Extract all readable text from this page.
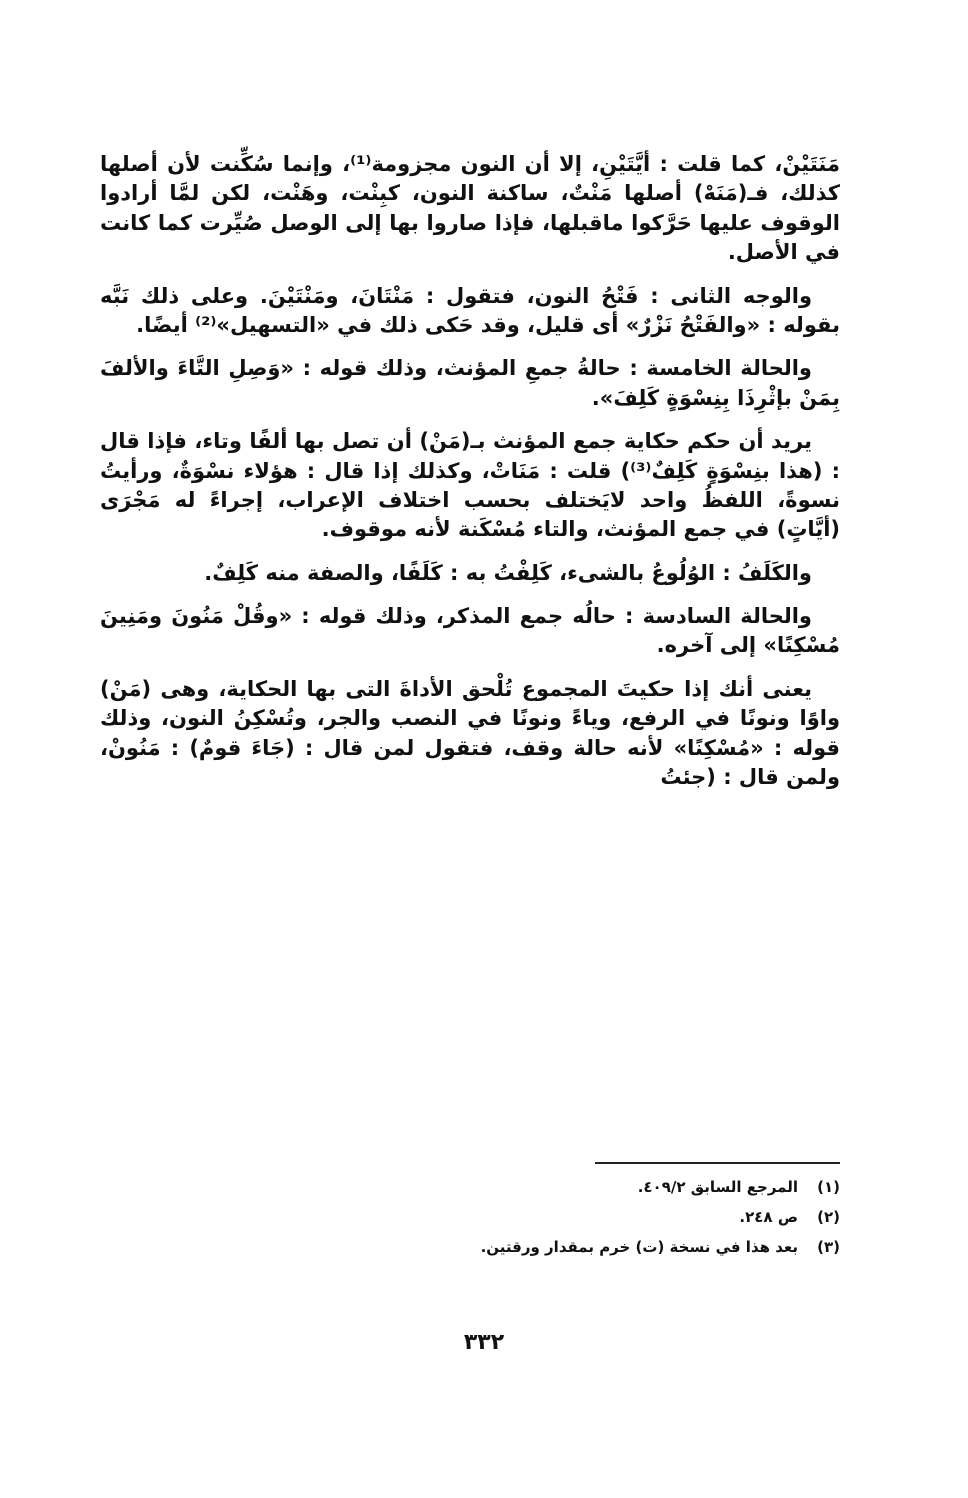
مَنَتَيْنْ، كما قلت : أيَّتَيْنِ، إلا أن النون مجزومة⁽¹⁾، وإنما سُكِّنت لأن أصلها كذلك، فـ(مَنَهْ) أصلها مَنْتٌ، ساكنة النون، كبِنْت، وهَنْت، لكن لمَّا أرادوا الوقوف عليها حَرَّكوا ماقبلها، فإذا صاروا بها إلى الوصل صُيِّرت كما كانت في الأصل.

والوجه الثانى : فَتْحُ النون، فتقول : مَنْتَانَ، ومَنْتَيْنَ. وعلى ذلك نَبَّه بقوله : «والفَتْحُ نَزْرٌ» أى قليل، وقد حَكى ذلك في «التسهيل»⁽²⁾ أيضًا.

والحالة الخامسة : حالةُ جمعِ المؤنث، وذلك قوله : «وَصِلِ التَّاءَ والألفَ بِمَنْ بإثْرِذَا بِنِسْوَةٍ كَلِفَ».

يريد أن حكم حكاية جمع المؤنث بـ(مَنْ) أن تصل بها ألفًا وتاء، فإذا قال : (هذا بنِسْوَةٍ كَلِفٌ⁽³⁾) قلت : مَنَاتْ، وكذلك إذا قال : هؤلاء نسْوَةٌ، ورأيتُ نسوةً، اللفظُ واحد لايَختلف بحسب اختلاف الإعراب، إجراءً له مَجْرَى (أيَّاتٍ) في جمع المؤنث، والتاء مُسْكَنة لأنه موقوف.

والكَلَفُ : الوُلُوعُ بالشىء، كَلِفْتُ به : كَلَفًا، والصفة منه كَلِفٌ.

والحالة السادسة : حالُه جمع المذكر، وذلك قوله : «وقُلْ مَنُونَ ومَنِينَ مُسْكِنًا» إلى آخره.

يعنى أنك إذا حكيتَ المجموع تُلْحق الأداةَ التى بها الحكاية، وهى (مَنْ) واوًا ونونًا في الرفع، وياءً ونونًا في النصب والجر، وتُسْكِنُ النون، وذلك قوله : «مُسْكِنًا» لأنه حالة وقف، فتقول لمن قال : (جَاءَ قومٌ) : مَنُونْ، ولمن قال : (جئتُ

(١)
المرجع السابق ٤٠٩/٢.
(٢)
ص ٢٤٨.
(٣)
بعد هذا في نسخة (ت) خرم بمقدار ورقتين.
٣٣٢
